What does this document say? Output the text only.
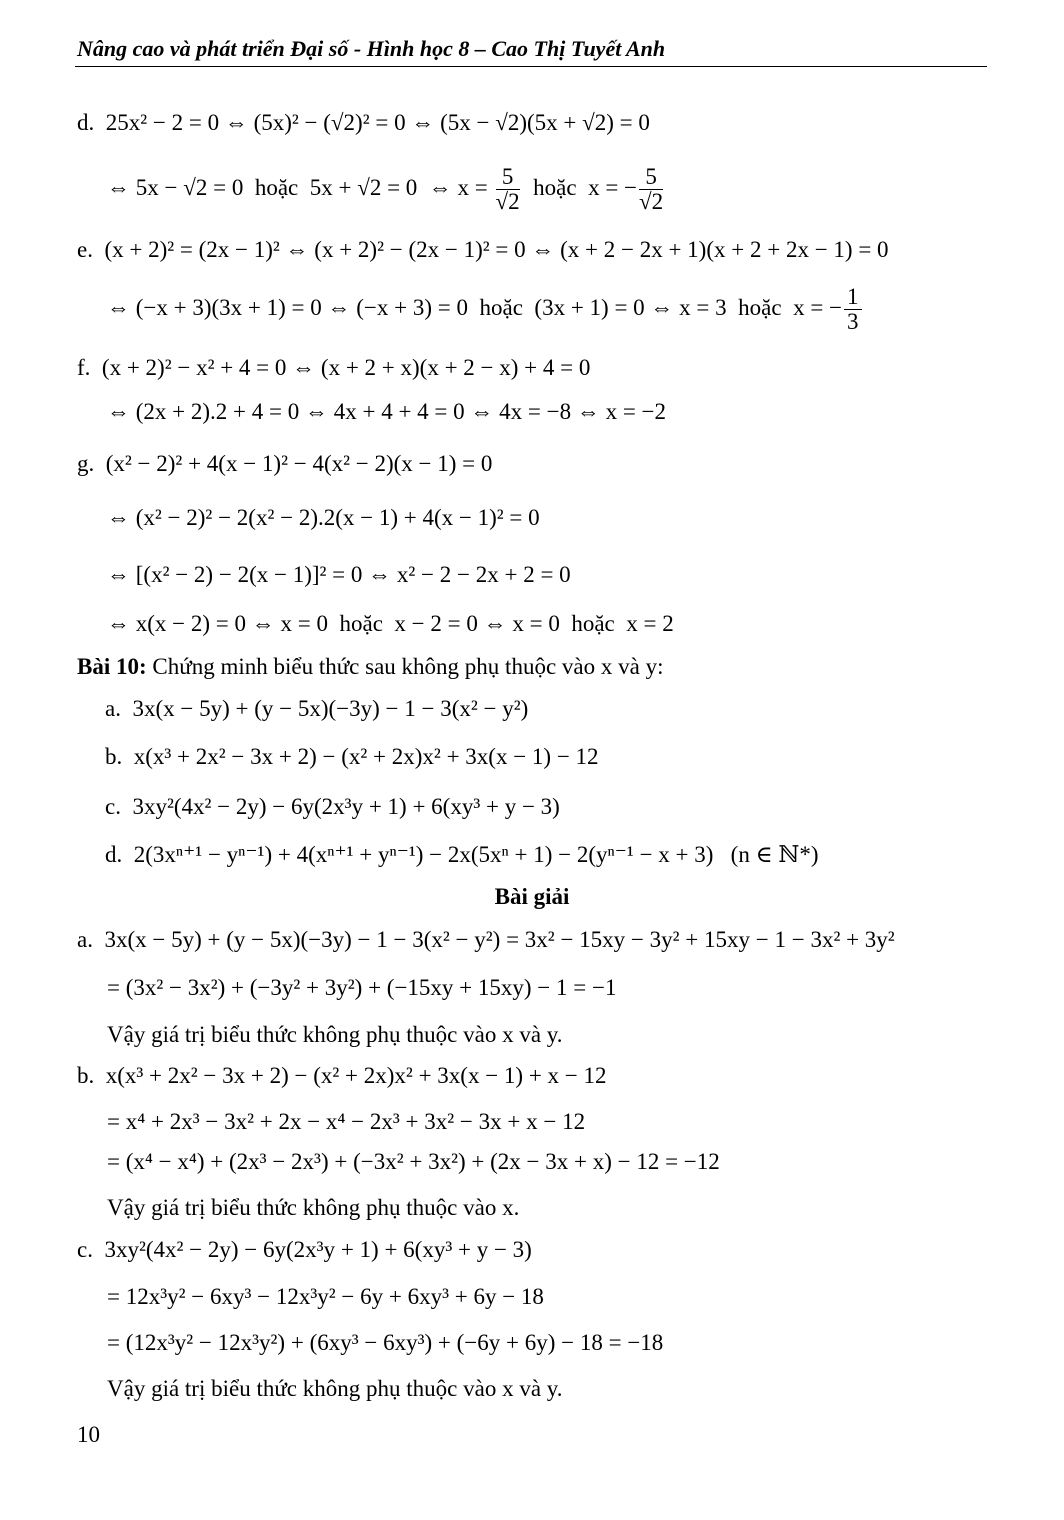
Nâng cao và phát triển Đại số - Hình học 8 – Cao Thị Tuyết Anh
d.  25x² − 2 = 0 ⇔ (5x)² − (√2)² = 0 ⇔ (5x − √2)(5x + √2) = 0
⇔ 5x − √2 = 0  hoặc  5x + √2 = 0  ⇔ $x = \frac{5}{√2}$ hoặc  x = − $\frac{5}{√2}$
e.  (x + 2)² = (2x − 1)² ⇔ (x + 2)² − (2x − 1)² = 0 ⇔ (x + 2 − 2x + 1)(x + 2 + 2x − 1) = 0
⇔ (−x + 3)(3x + 1) = 0 ⇔ (−x + 3) = 0  hoặc  (3x + 1) = 0 ⇔ x = 3  hoặc  x = − $\frac{1}{3}$
f.  (x + 2)² − x² + 4 = 0 ⇔ (x + 2 + x)(x + 2 − x) + 4 = 0
⇔ (2x + 2).2 + 4 = 0 ⇔ 4x + 4 + 4 = 0 ⇔ 4x = −8 ⇔ x = −2
g.  (x² − 2)² + 4(x − 1)² − 4(x² − 2)(x − 1) = 0
⇔ (x² − 2)² − 2(x² − 2).2(x − 1) + 4(x − 1)² = 0
⇔ [(x² − 2) − 2(x − 1)]² = 0 ⇔ x² − 2 − 2x + 2 = 0
⇔ x(x − 2) = 0 ⇔ x = 0  hoặc  x − 2 = 0 ⇔ x = 0  hoặc  x = 2
Bài 10: Chứng minh biểu thức sau không phụ thuộc vào x và y:
a.  3x(x − 5y) + (y − 5x)(−3y) − 1 − 3(x² − y²)
b.  x(x³ + 2x² − 3x + 2) − (x² + 2x)x² + 3x(x − 1) − 12
c.  3xy²(4x² − 2y) − 6y(2x³y + 1) + 6(xy³ + y − 3)
d.  2(3xⁿ⁺¹ − yⁿ⁻¹) + 4(xⁿ⁺¹ + yⁿ⁻¹) − 2x(5xⁿ + 1) − 2(yⁿ⁻¹ − x + 3)   (n ∈ ℕ*)
Bài giải
a.  3x(x − 5y) + (y − 5x)(−3y) − 1 − 3(x² − y²) = 3x² − 15xy − 3y² + 15xy − 1 − 3x² + 3y²
= (3x² − 3x²) + (−3y² + 3y²) + (−15xy + 15xy) − 1 = −1
Vậy giá trị biểu thức không phụ thuộc vào x và y.
b.  x(x³ + 2x² − 3x + 2) − (x² + 2x)x² + 3x(x − 1) + x − 12
= x⁴ + 2x³ − 3x² + 2x − x⁴ − 2x³ + 3x² − 3x + x − 12
= (x⁴ − x⁴) + (2x³ − 2x³) + (−3x² + 3x²) + (2x − 3x + x) − 12 = −12
Vậy giá trị biểu thức không phụ thuộc vào x.
c.  3xy²(4x² − 2y) − 6y(2x³y + 1) + 6(xy³ + y − 3)
= 12x³y² − 6xy³ − 12x³y² − 6y + 6xy³ + 6y − 18
= (12x³y² − 12x³y²) + (6xy³ − 6xy³) + (−6y + 6y) − 18 = −18
Vậy giá trị biểu thức không phụ thuộc vào x và y.
10
